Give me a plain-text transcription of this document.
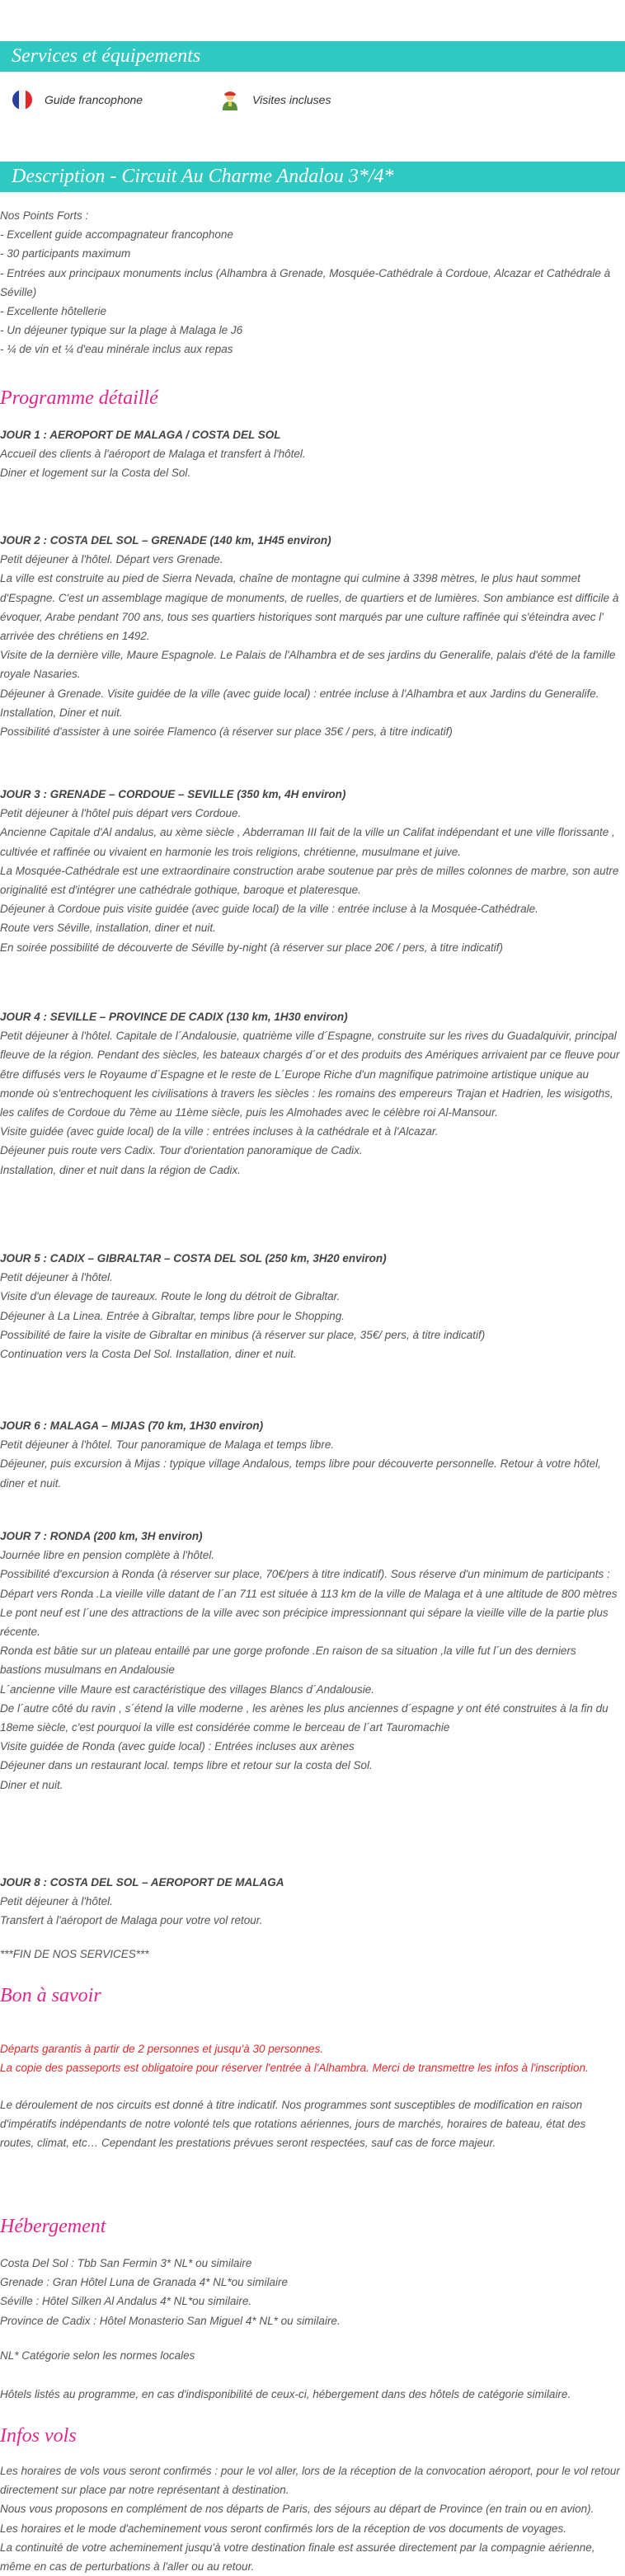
Services et équipements
Guide francophone	Visites incluses
Description - Circuit Au Charme Andalou 3*/4*

Nos Points Forts :

- Excellent guide accompagnateur francophone

- 30 participants maximum

- Entrées aux principaux monuments inclus (Alhambra à Grenade, Mosquée-Cathédrale à Cordoue, Alcazar et Cathédrale à Séville)

- Excellente hôtellerie

- Un déjeuner typique sur la plage à Malaga le J6

- ¼ de vin et ¼ d'eau minérale inclus aux repas

Programme détaillé

JOUR 1 : AEROPORT DE MALAGA / COSTA DEL SOL

Accueil des clients à l'aéroport de Malaga et transfert à l'hôtel.

Diner et logement sur la Costa del Sol.

JOUR 2 : COSTA DEL SOL – GRENADE (140 km, 1H45 environ)

Petit déjeuner à l'hôtel. Départ vers Grenade.

La ville est construite au pied de Sierra Nevada, chaîne de montagne qui culmine à 3398 mètres, le plus haut sommet d'Espagne. C'est un assemblage magique de monuments, de ruelles, de quartiers et de lumières. Son ambiance est difficile à évoquer, Arabe pendant 700 ans, tous ses quartiers historiques sont marqués par une culture raffinée qui s'éteindra avec l' arrivée des chrétiens en 1492.

Visite de la dernière ville, Maure Espagnole. Le Palais de l'Alhambra et de ses jardins du Generalife, palais d'été de la famille royale Nasaries.

Déjeuner à Grenade. Visite guidée de la ville (avec guide local) : entrée incluse à l'Alhambra et aux Jardins du Generalife.

Installation, Diner et nuit.

Possibilité d'assister à une soirée Flamenco (à réserver sur place 35€ / pers, à titre indicatif)

JOUR 3 : GRENADE – CORDOUE – SEVILLE (350 km, 4H environ)

Petit déjeuner à l'hôtel puis départ vers Cordoue.

Ancienne Capitale d'Al andalus, au xème siècle , Abderraman III fait de la ville un Califat indépendant et une ville florissante , cultivée et raffinée ou vivaient en harmonie les trois religions, chrétienne, musulmane et juive.

La Mosquée-Cathédrale est une extraordinaire construction arabe soutenue par près de milles colonnes de marbre, son autre originalité est d'intégrer une cathédrale gothique, baroque et plateresque.

Déjeuner à Cordoue puis visite guidée (avec guide local) de la ville : entrée incluse à la Mosquée-Cathédrale.

Route vers Séville, installation, diner et nuit.

En soirée possibilité de découverte de Séville by-night (à réserver sur place 20€ / pers, à titre indicatif)

JOUR 4 : SEVILLE – PROVINCE DE CADIX (130 km, 1H30 environ)

Petit déjeuner à l'hôtel. Capitale de l´Andalousie, quatrième ville d´Espagne, construite sur les rives du Guadalquivir, principal fleuve de la région. Pendant des siècles, les bateaux chargés d´or et des produits des Amériques arrivaient par ce fleuve pour être diffusés vers le Royaume d´Espagne et le reste de L´Europe Riche d'un magnifique patrimoine artistique unique au monde où s'entrechoquent les civilisations à travers les siècles : les romains des empereurs Trajan et Hadrien, les wisigoths, les califes de Cordoue du 7ème au 11ème siècle, puis les Almohades avec le célèbre roi Al-Mansour.

Visite guidée (avec guide local) de la ville : entrées incluses à la cathédrale et à l'Alcazar.

Déjeuner puis route vers Cadix. Tour d'orientation panoramique de Cadix.

Installation, diner et nuit dans la région de Cadix.

JOUR 5 : CADIX – GIBRALTAR – COSTA DEL SOL (250 km, 3H20 environ)

Petit déjeuner à l'hôtel.

Visite d'un élevage de taureaux. Route le long du détroit de Gibraltar.

Déjeuner à La Linea. Entrée à Gibraltar, temps libre pour le Shopping.

Possibilité de faire la visite de Gibraltar en minibus (à réserver sur place, 35€/ pers, à titre indicatif)

Continuation vers la Costa Del Sol. Installation, diner et nuit.

JOUR 6 : MALAGA – MIJAS (70 km, 1H30 environ)

Petit déjeuner à l'hôtel. Tour panoramique de Malaga et temps libre.

Déjeuner, puis excursion à Mijas : typique village Andalous, temps libre pour découverte personnelle. Retour à votre hôtel, diner et nuit.

JOUR 7 : RONDA (200 km, 3H environ)

Journée libre en pension complète à l'hôtel.

Possibilité d'excursion à Ronda (à réserver sur place, 70€/pers à titre indicatif). Sous réserve d'un minimum de participants : Départ vers Ronda .La vieille ville datant de l´an 711 est située à 113 km de la ville de Malaga et à une altitude de 800 mètres

Le pont neuf est l´une des attractions de la ville avec son précipice impressionnant qui sépare la vieille ville de la partie plus récente.

Ronda est bâtie sur un plateau entaillé par une gorge profonde .En raison de sa situation ,la ville fut l´un des derniers bastions musulmans en Andalousie

L´ancienne ville Maure est caractéristique des villages Blancs d´Andalousie.

De l´autre côté du ravin , s´étend la ville moderne , les arènes les plus anciennes d´espagne y ont été construites à la fin du 18eme siècle, c'est pourquoi la ville est considérée comme le berceau de l´art Tauromachie

Visite guidée de Ronda (avec guide local) : Entrées incluses aux arènes

Déjeuner dans un restaurant local. temps libre et retour sur la costa del Sol.

Diner et nuit.

JOUR 8 : COSTA DEL SOL – AEROPORT DE MALAGA

Petit déjeuner à l'hôtel.

Transfert à l'aéroport de Malaga pour votre vol retour.

***FIN DE NOS SERVICES***
Bon à savoir

Départs garantis à partir de 2 personnes et jusqu'à 30 personnes.

La copie des passeports est obligatoire pour réserver l'entrée à l'Alhambra. Merci de transmettre les infos à l'inscription.

Le déroulement de nos circuits est donné à titre indicatif. Nos programmes sont susceptibles de modification en raison d'impératifs indépendants de notre volonté tels que rotations aériennes, jours de marchés, horaires de bateau, état des routes, climat, etc… Cependant les prestations prévues seront respectées, sauf cas de force majeur.

Hébergement

Costa Del Sol : Tbb San Fermin 3* NL* ou similaire

Grenade : Gran Hôtel Luna de Granada 4* NL*ou similaire

Séville : Hôtel Silken Al Andalus 4* NL*ou similaire.

Province de Cadix : Hôtel Monasterio San Miguel 4* NL* ou similaire.

NL* Catégorie selon les normes locales
Hôtels listés au programme, en cas d'indisponibilité de ceux-ci, hébergement dans des hôtels de catégorie similaire.
Infos vols

Les horaires de vols vous seront confirmés : pour le vol aller, lors de la réception de la convocation aéroport, pour le vol retour directement sur place par notre représentant à destination.

Nous vous proposons en complément de nos départs de Paris, des séjours au départ de Province (en train ou en avion).

Les horaires et le mode d'acheminement vous seront confirmés lors de la réception de vos documents de voyages.

La continuité de votre acheminement jusqu'à votre destination finale est assurée directement par la compagnie aérienne, même en cas de perturbations à l'aller ou au retour.
